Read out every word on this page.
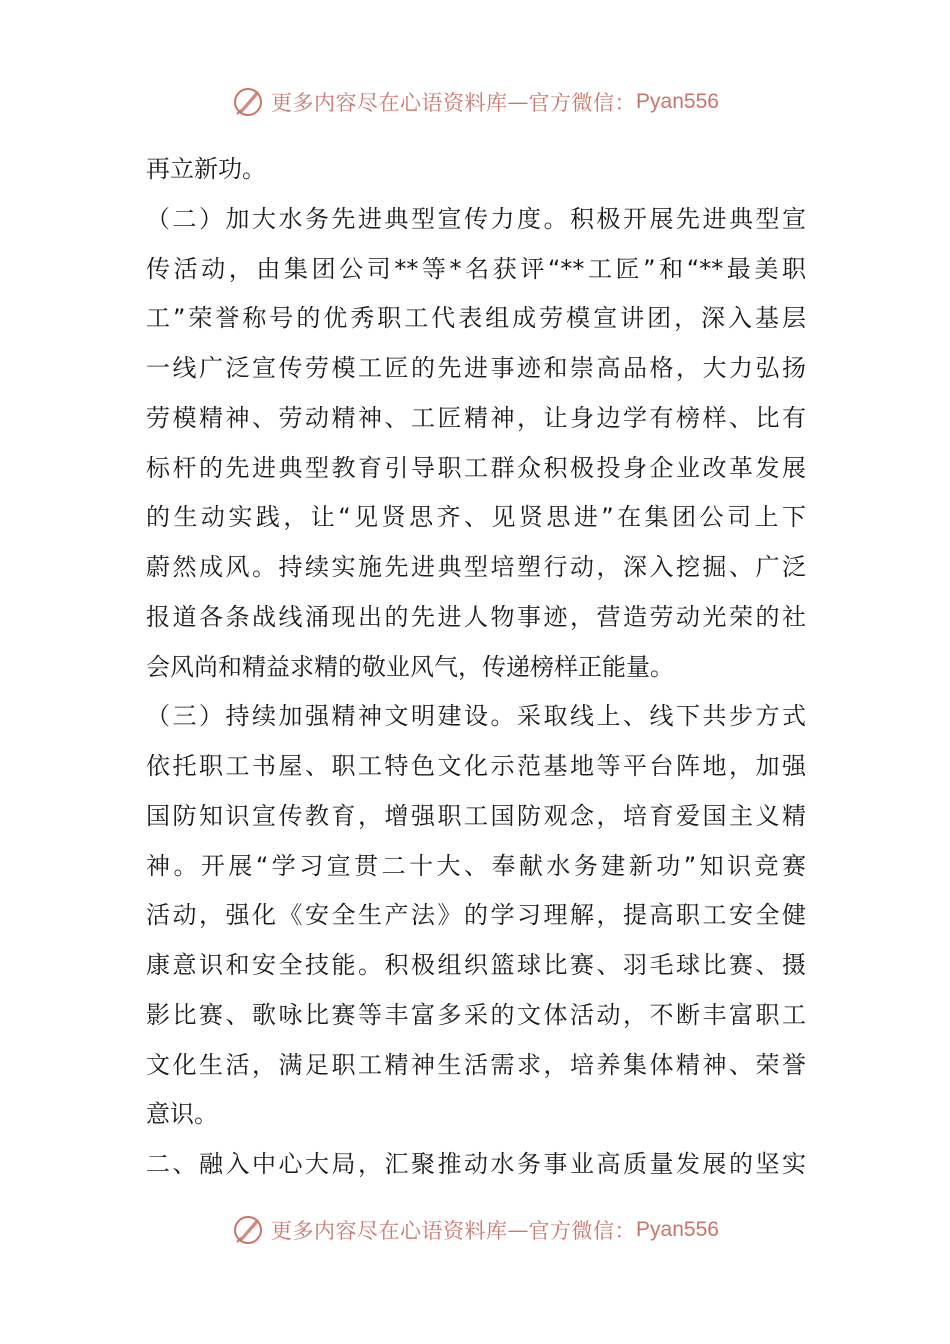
更多内容尽在心语资料库 — 官方微信： Pyan556
再立新功。
（二）加大水务先进典型宣传力度。积极开展先进典型宣
传活动，由集团公司**等*名获评“**工匠”和“**最美职
工”荣誉称号的优秀职工代表组成劳模宣讲团，深入基层
一线广泛宣传劳模工匠的先进事迹和崇高品格，大力弘扬
劳模精神、劳动精神、工匠精神，让身边学有榜样、比有
标杆的先进典型教育引导职工群众积极投身企业改革发展
的生动实践，让“见贤思齐、见贤思进”在集团公司上下
蔚然成风。持续实施先进典型培塑行动，深入挖掘、广泛
报道各条战线涌现出的先进人物事迹，营造劳动光荣的社
会风尚和精益求精的敬业风气，传递榜样正能量。
（三）持续加强精神文明建设。采取线上、线下共步方式
依托职工书屋、职工特色文化示范基地等平台阵地，加强
国防知识宣传教育，增强职工国防观念，培育爱国主义精
神。开展“学习宣贯二十大、奉献水务建新功”知识竞赛
活动，强化《安全生产法》的学习理解，提高职工安全健
康意识和安全技能。积极组织篮球比赛、羽毛球比赛、摄
影比赛、歌咏比赛等丰富多采的文体活动，不断丰富职工
文化生活，满足职工精神生活需求，培养集体精神、荣誉
意识。
二、融入中心大局，汇聚推动水务事业高质量发展的坚实
更多内容尽在心语资料库 — 官方微信： Pyan556
